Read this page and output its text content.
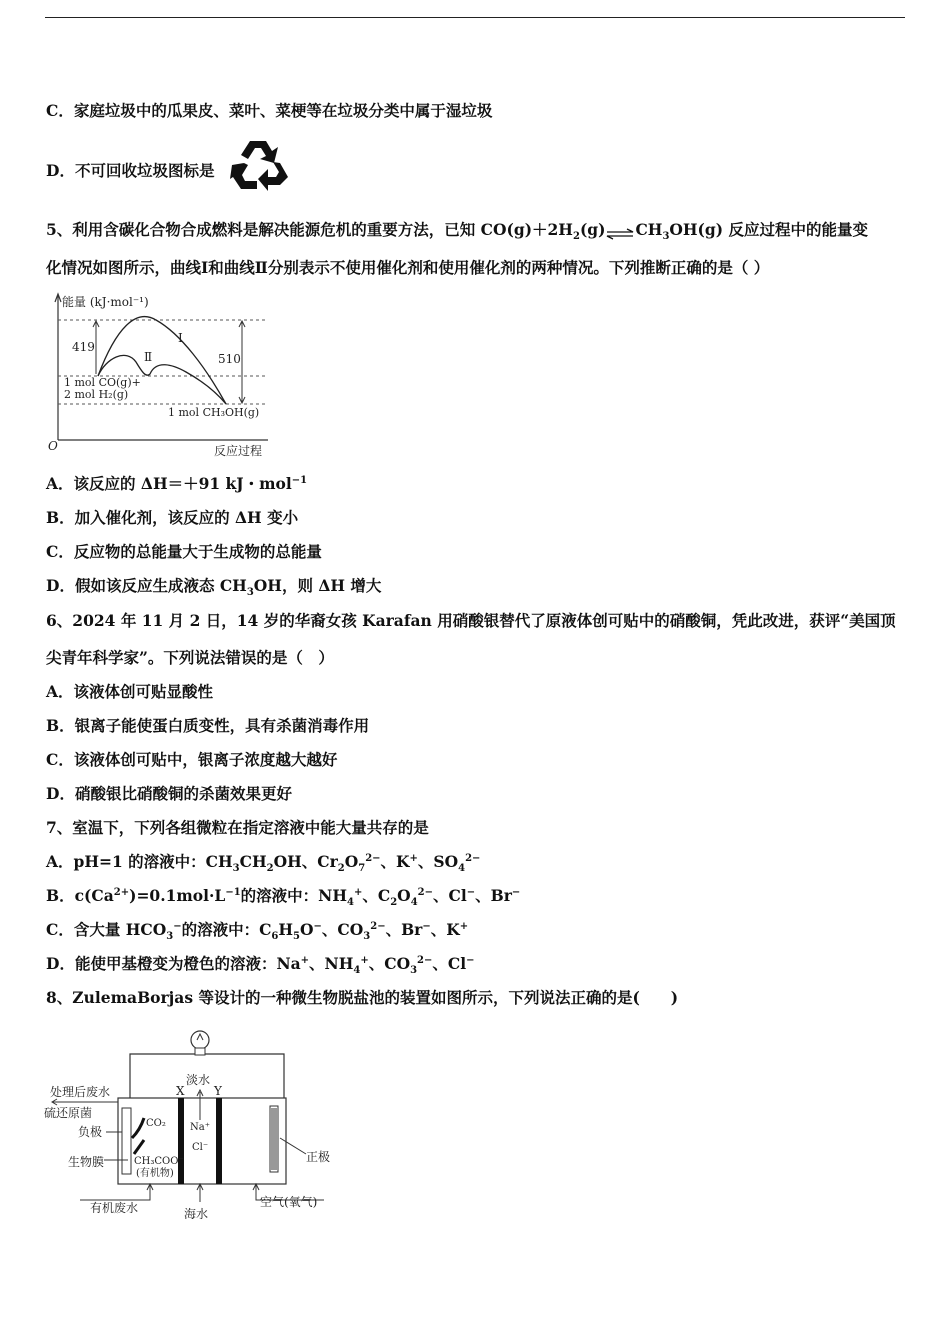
C．家庭垃圾中的瓜果皮、菜叶、菜梗等在垃圾分类中属于湿垃圾
D．不可回收垃圾图标是
5、利用含碳化合物合成燃料是解决能源危机的重要方法，已知 $CO(g)+2H_2(g)\rightleftharpoons CH_3OH(g)$ 反应过程中的能量变
化情况如图所示，曲线Ⅰ和曲线Ⅱ分别表示不使用催化剂和使用催化剂的两种情况。下列推断正确的是（ ）
能量 (kJ·mol⁻¹)
419
510
Ⅰ
Ⅱ
1 mol CO(g)+
2 mol H₂(g)
1 mol CH₃OH(g)
O	反应过程
A．该反应的 ΔH＝＋91 kJ・mol$^{-1}$
B．加入催化剂，该反应的 ΔH 变小
C．反应物的总能量大于生成物的总能量
D．假如该反应生成液态 $CH_3OH$，则 ΔH 增大
6、2024 年 11 月 2 日，14 岁的华裔女孩 Karafan 用硝酸银替代了原液体创可贴中的硝酸铜，凭此改进，获评“美国顶
尖青年科学家”。下列说法错误的是（　）
A．该液体创可贴显酸性
B．银离子能使蛋白质变性，具有杀菌消毒作用
C．该液体创可贴中，银离子浓度越大越好
D．硝酸银比硝酸铜的杀菌效果更好
7、室温下，下列各组微粒在指定溶液中能大量共存的是
A．pH=1 的溶液中：$CH_3CH_2OH$、$Cr_2O_7^{2-}$、K+、$SO_4^{2-}$
B．$c(Ca^{2+})=0.1mol\cdot L^{-1}$的溶液中：$NH_4^+$、$C_2O_4^{2-}$、Cl−、Br−
C．含大量 $HCO_3^-$的溶液中：$C_6H_5O^-$、$CO_3^{2-}$、Br−、K+
D．能使甲基橙变为橙色的溶液：Na+、$NH_4^+$、$CO_3^{2-}$、Cl−
8、ZulemaBorjas 等设计的一种微生物脱盐池的装置如图所示，下列说法正确的是(　　)
处理后废水
硫还原菌
负极
生物膜
有机废水
CO₂
CH₃COO⁻
(有机物)
X Y
淡水
Na⁺
Cl⁻
海水
正极
空气(氧气)
